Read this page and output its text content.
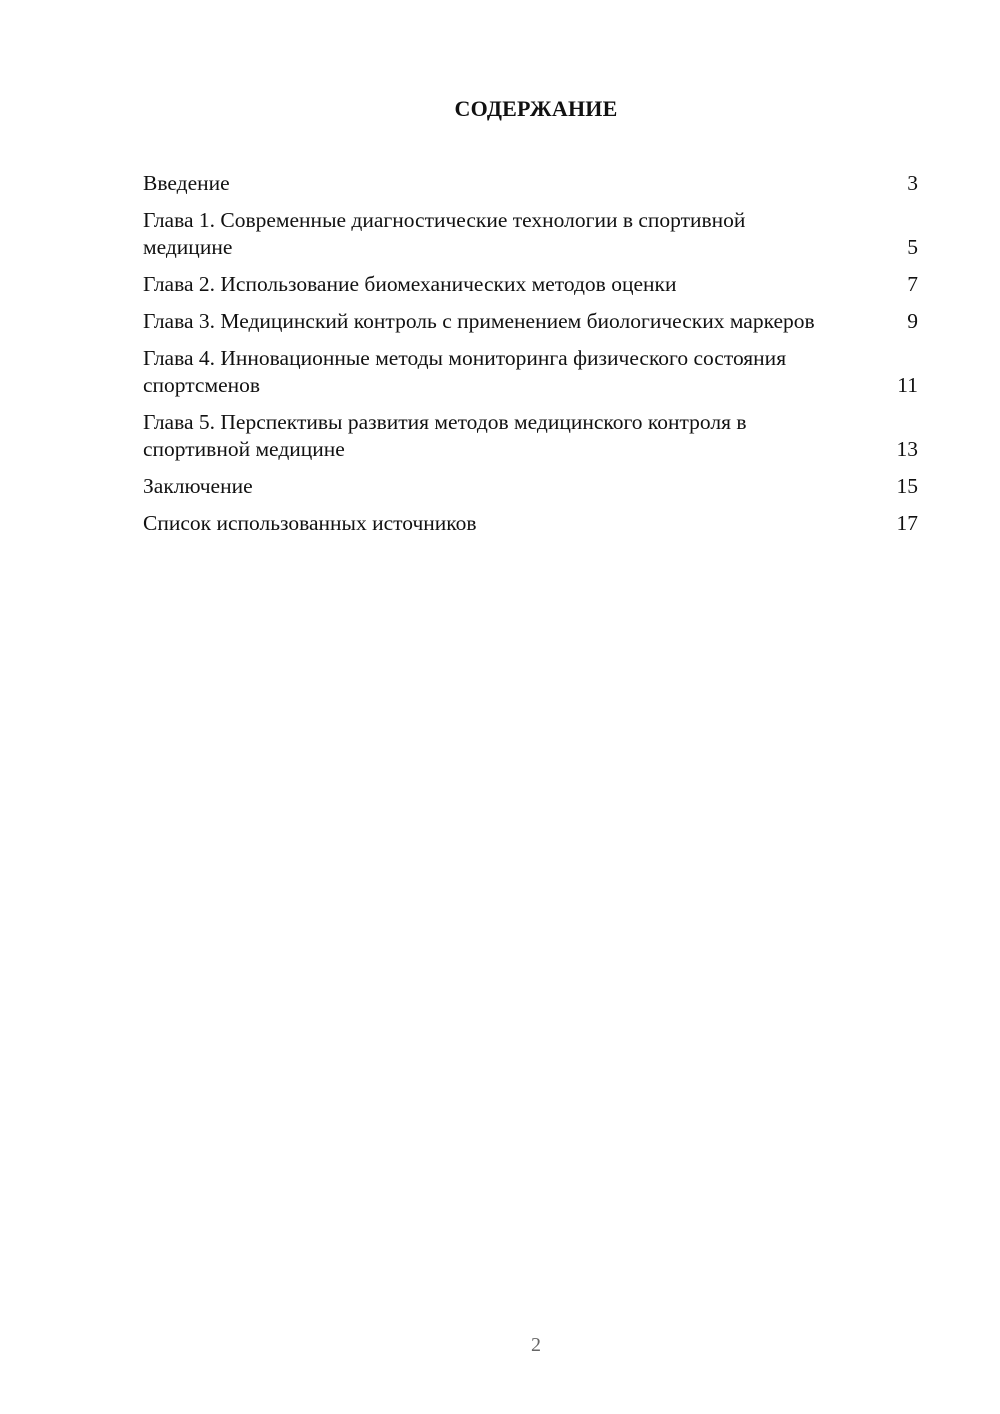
СОДЕРЖАНИЕ
Введение	3
Глава 1. Современные диагностические технологии в спортивной медицине	5
Глава 2. Использование биомеханических методов оценки	7
Глава 3. Медицинский контроль с применением биологических маркеров	9
Глава 4. Инновационные методы мониторинга физического состояния спортсменов	11
Глава 5. Перспективы развития методов медицинского контроля в спортивной медицине	13
Заключение	15
Список использованных источников	17
2
